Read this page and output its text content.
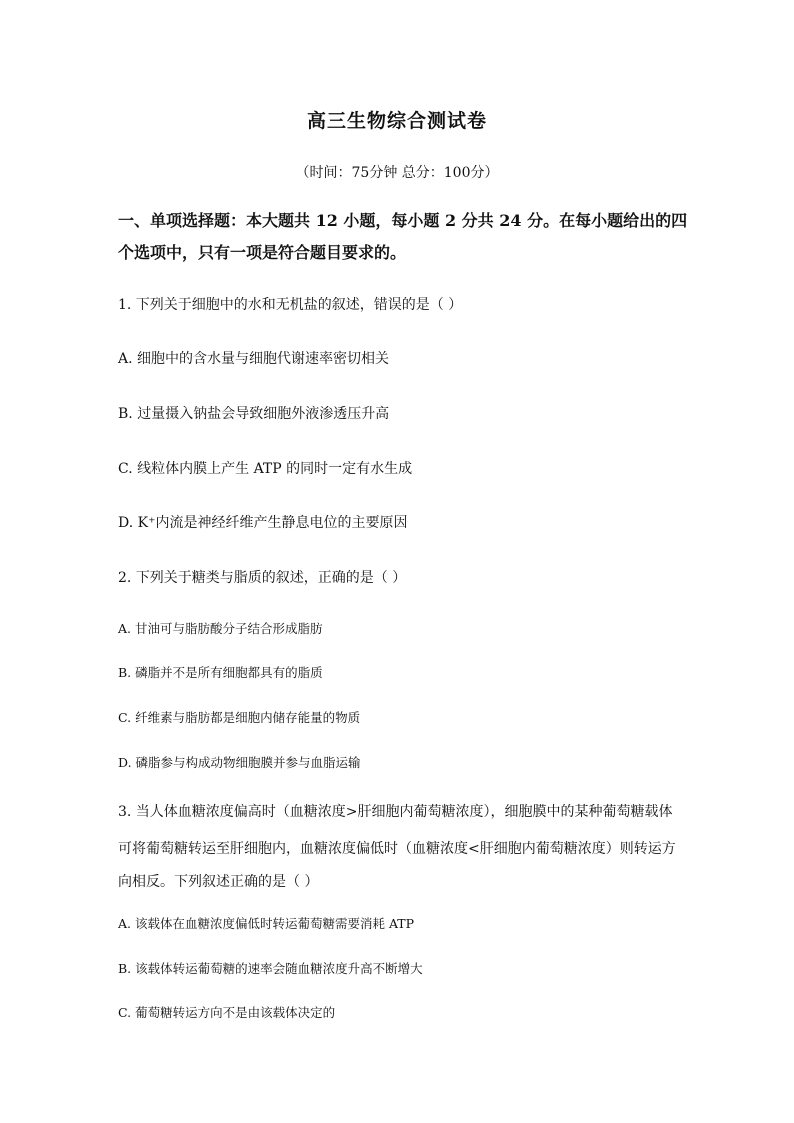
高三生物综合测试卷
（时间：75分钟 总分：100分）
一、单项选择题：本大题共 12 小题，每小题 2 分共 24 分。在每小题给出的四
个选项中，只有一项是符合题目要求的。
1. 下列关于细胞中的水和无机盐的叙述，错误的是（ ）
A. 细胞中的含水量与细胞代谢速率密切相关
B. 过量摄入钠盐会导致细胞外液渗透压升高
C. 线粒体内膜上产生 ATP 的同时一定有水生成
D. K⁺内流是神经纤维产生静息电位的主要原因
2. 下列关于糖类与脂质的叙述，正确的是（ ）
A. 甘油可与脂肪酸分子结合形成脂肪
B. 磷脂并不是所有细胞都具有的脂质
C. 纤维素与脂肪都是细胞内储存能量的物质
D. 磷脂参与构成动物细胞膜并参与血脂运输
3. 当人体血糖浓度偏高时（血糖浓度>肝细胞内葡萄糖浓度），细胞膜中的某种葡萄糖载体
可将葡萄糖转运至肝细胞内，血糖浓度偏低时（血糖浓度<肝细胞内葡萄糖浓度）则转运方
向相反。下列叙述正确的是（ ）
A. 该载体在血糖浓度偏低时转运葡萄糖需要消耗 ATP
B. 该载体转运葡萄糖的速率会随血糖浓度升高不断增大
C. 葡萄糖转运方向不是由该载体决定的
